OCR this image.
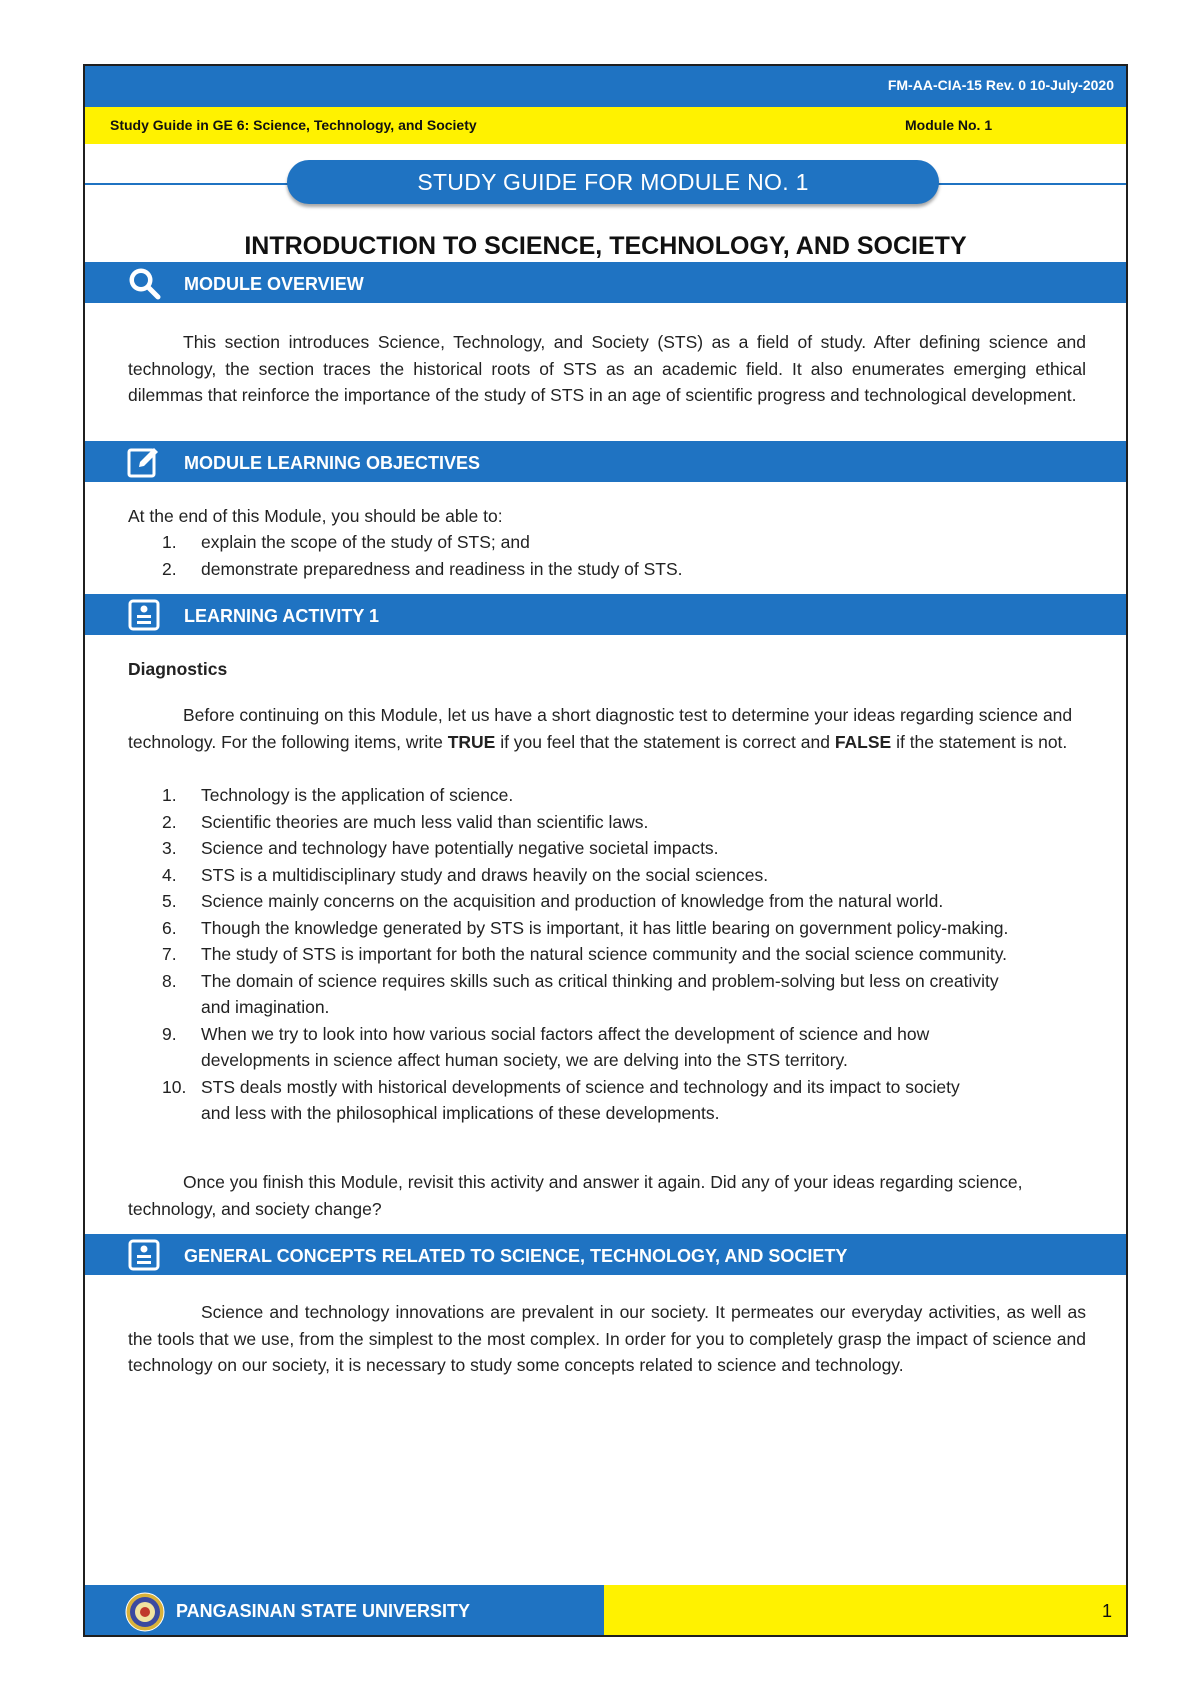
FM-AA-CIA-15 Rev. 0 10-July-2020
Study Guide in GE 6: Science, Technology, and Society	Module No. 1
STUDY GUIDE FOR MODULE NO. 1
INTRODUCTION TO SCIENCE, TECHNOLOGY, AND SOCIETY
MODULE OVERVIEW
This section introduces Science, Technology, and Society (STS) as a field of study. After defining science and technology, the section traces the historical roots of STS as an academic field. It also enumerates emerging ethical dilemmas that reinforce the importance of the study of STS in an age of scientific progress and technological development.
MODULE LEARNING OBJECTIVES
At the end of this Module, you should be able to:
1. explain the scope of the study of STS; and
2. demonstrate preparedness and readiness in the study of STS.
LEARNING ACTIVITY 1
Diagnostics
Before continuing on this Module, let us have a short diagnostic test to determine your ideas regarding science and technology. For the following items, write TRUE if you feel that the statement is correct and FALSE if the statement is not.
1. Technology is the application of science.
2. Scientific theories are much less valid than scientific laws.
3. Science and technology have potentially negative societal impacts.
4. STS is a multidisciplinary study and draws heavily on the social sciences.
5. Science mainly concerns on the acquisition and production of knowledge from the natural world.
6. Though the knowledge generated by STS is important, it has little bearing on government policy-making.
7. The study of STS is important for both the natural science community and the social science community.
8. The domain of science requires skills such as critical thinking and problem-solving but less on creativity and imagination.
9. When we try to look into how various social factors affect the development of science and how developments in science affect human society, we are delving into the STS territory.
10. STS deals mostly with historical developments of science and technology and its impact to society and less with the philosophical implications of these developments.
Once you finish this Module, revisit this activity and answer it again. Did any of your ideas regarding science, technology, and society change?
GENERAL CONCEPTS RELATED TO SCIENCE, TECHNOLOGY, AND SOCIETY
Science and technology innovations are prevalent in our society. It permeates our everyday activities, as well as the tools that we use, from the simplest to the most complex. In order for you to completely grasp the impact of science and technology on our society, it is necessary to study some concepts related to science and technology.
PANGASINAN STATE UNIVERSITY	1
